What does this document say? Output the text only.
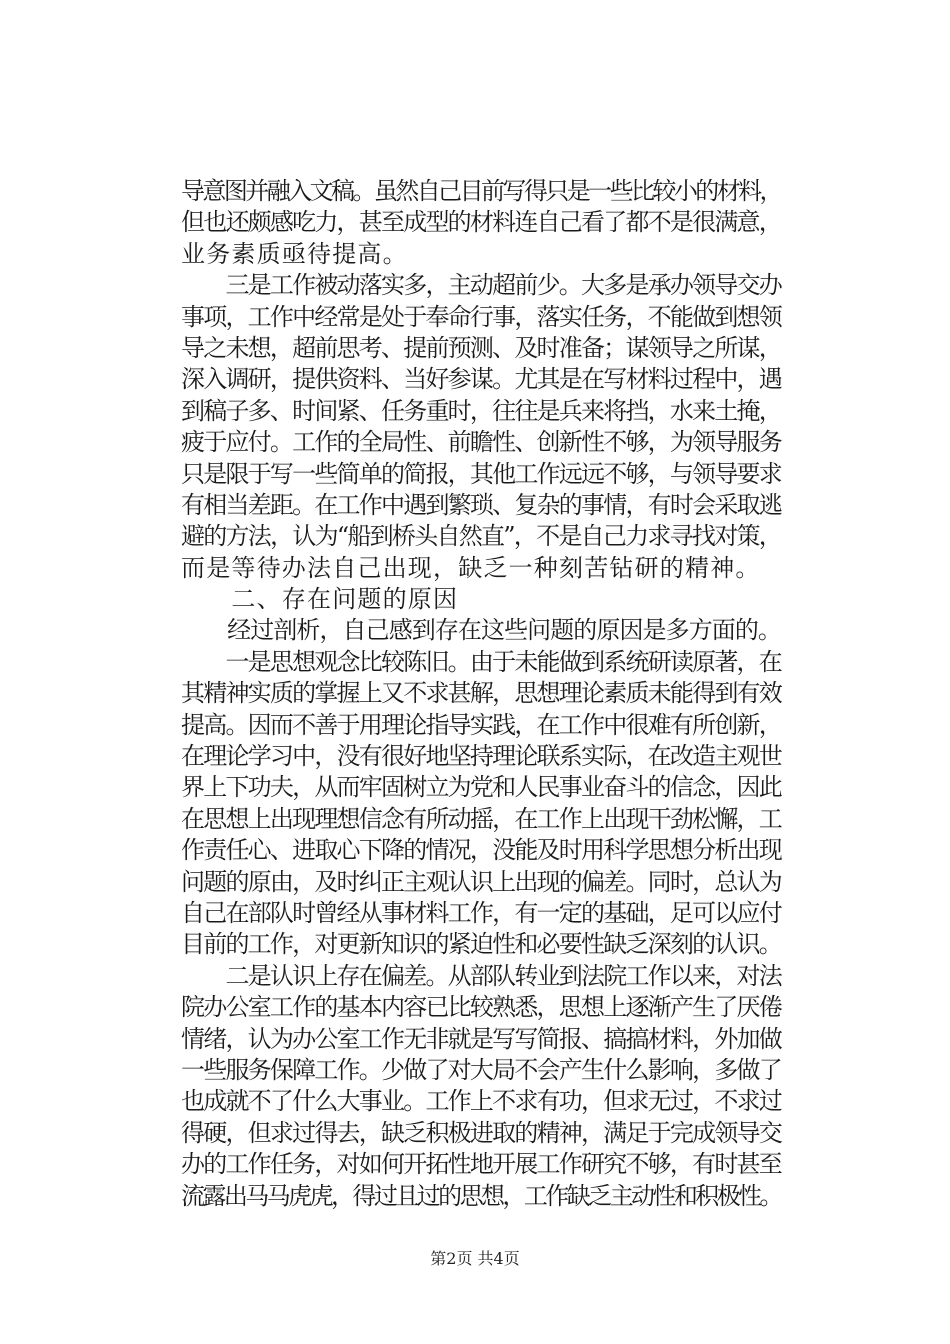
导意图并融入文稿。虽然自己目前写得只是一些比较小的材料，
但也还颇感吃力，甚至成型的材料连自己看了都不是很满意，
业务素质亟待提高。
　　三是工作被动落实多，主动超前少。大多是承办领导交办
事项，工作中经常是处于奉命行事，落实任务，不能做到想领
导之未想，超前思考、提前预测、及时准备；谋领导之所谋，
深入调研，提供资料、当好参谋。尤其是在写材料过程中，遇
到稿子多、时间紧、任务重时，往往是兵来将挡，水来土掩，
疲于应付。工作的全局性、前瞻性、创新性不够，为领导服务
只是限于写一些简单的简报，其他工作远远不够，与领导要求
有相当差距。在工作中遇到繁琐、复杂的事情，有时会采取逃
避的方法，认为“船到桥头自然直”，不是自己力求寻找对策，
而是等待办法自己出现，缺乏一种刻苦钻研的精神。
　　二、存在问题的原因
　　经过剖析，自己感到存在这些问题的原因是多方面的。
　　一是思想观念比较陈旧。由于未能做到系统研读原著，在
其精神实质的掌握上又不求甚解，思想理论素质未能得到有效
提高。因而不善于用理论指导实践，在工作中很难有所创新，
在理论学习中，没有很好地坚持理论联系实际，在改造主观世
界上下功夫，从而牢固树立为党和人民事业奋斗的信念，因此
在思想上出现理想信念有所动摇，在工作上出现干劲松懈，工
作责任心、进取心下降的情况，没能及时用科学思想分析出现
问题的原由，及时纠正主观认识上出现的偏差。同时，总认为
自己在部队时曾经从事材料工作，有一定的基础，足可以应付
目前的工作，对更新知识的紧迫性和必要性缺乏深刻的认识。
　　二是认识上存在偏差。从部队转业到法院工作以来，对法
院办公室工作的基本内容已比较熟悉，思想上逐渐产生了厌倦
情绪，认为办公室工作无非就是写写简报、搞搞材料，外加做
一些服务保障工作。少做了对大局不会产生什么影响，多做了
也成就不了什么大事业。工作上不求有功，但求无过，不求过
得硬，但求过得去，缺乏积极进取的精神，满足于完成领导交
办的工作任务，对如何开拓性地开展工作研究不够，有时甚至
流露出马马虎虎，得过且过的思想，工作缺乏主动性和积极性。
第2页 共4页
